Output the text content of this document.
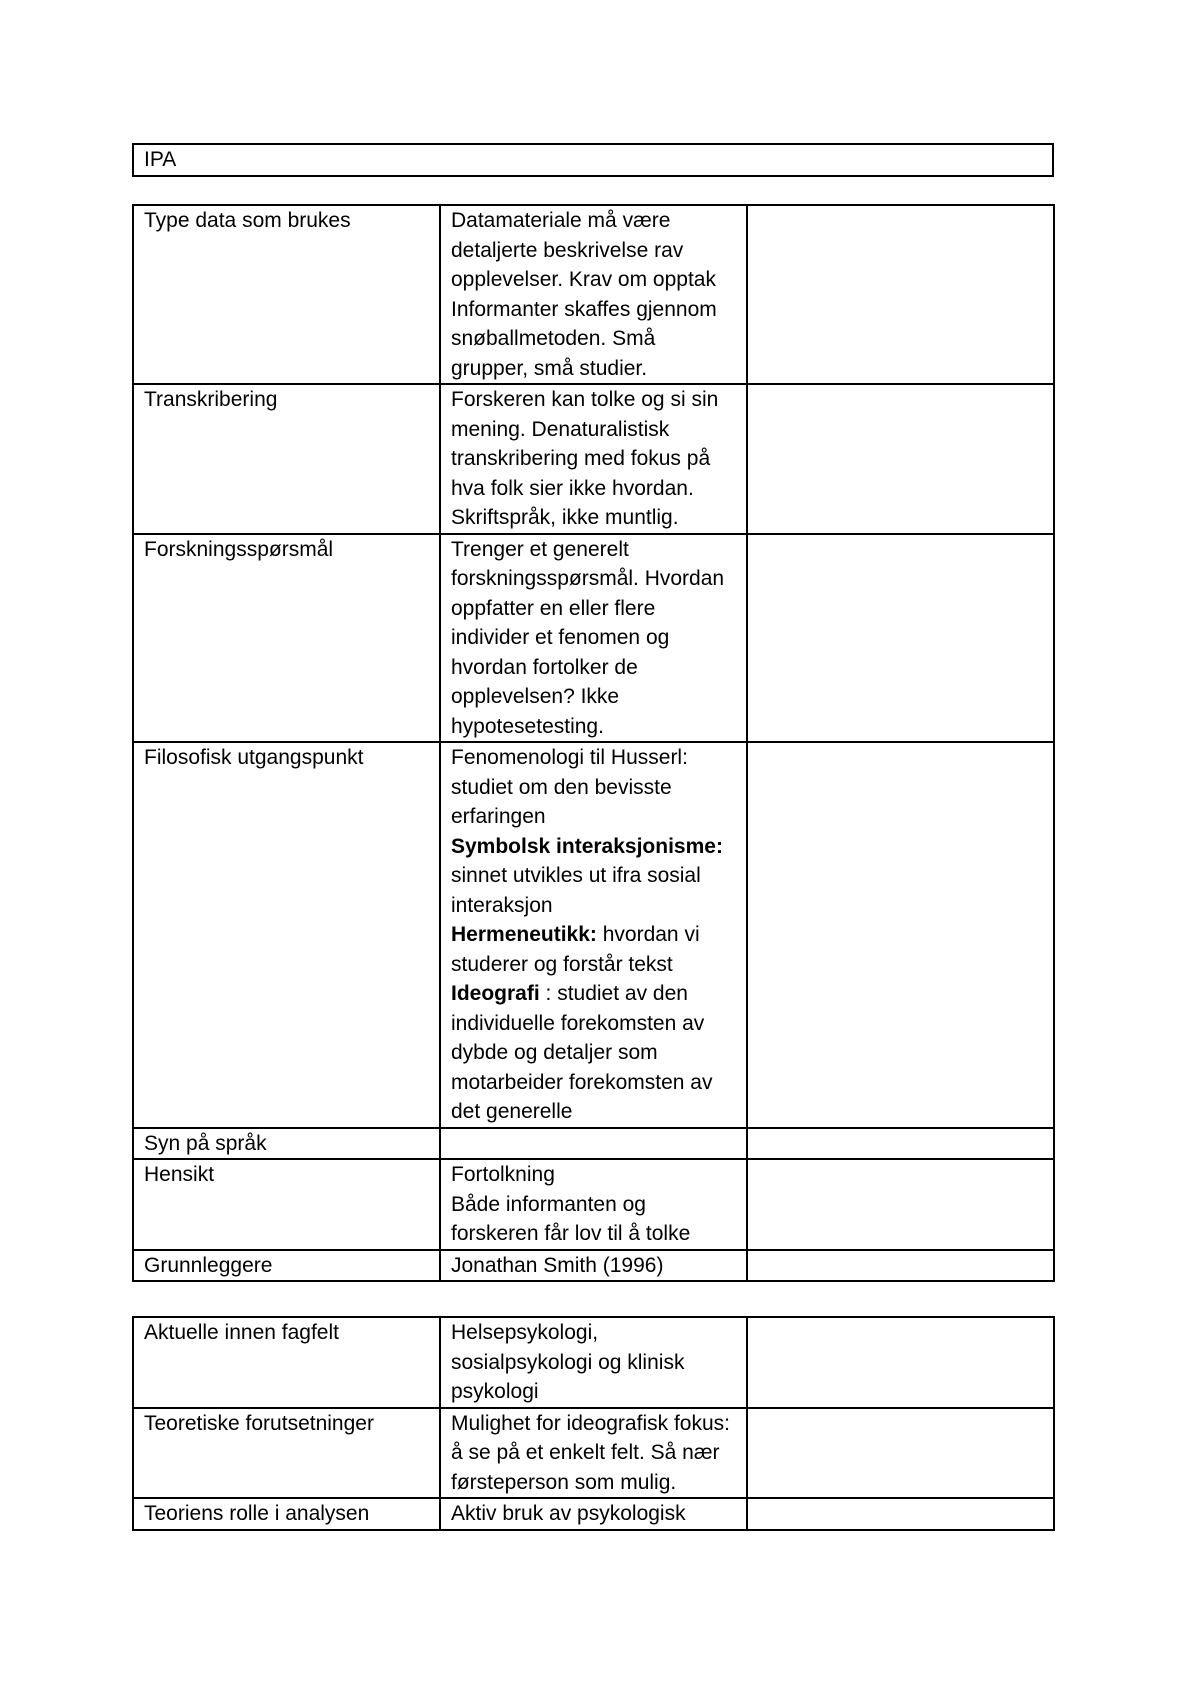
IPA
Type data som brukes	Datamateriale må være detaljerte beskrivelse rav opplevelser. Krav om opptak Informanter skaffes gjennom snøballmetoden. Små grupper, små studier.	

Transkribering	Forskeren kan tolke og si sin mening. Denaturalistisk transkribering med fokus på hva folk sier ikke hvordan. Skriftspråk, ikke muntlig.	

Forskningsspørsmål	Trenger et generelt forskningsspørsmål. Hvordan oppfatter en eller flere individer et fenomen og hvordan fortolker de opplevelsen? Ikke hypotesetesting.	

Filosofisk utgangspunkt	Fenomenologi til Husserl: studiet om den bevisste erfaringen
Symbolsk interaksjonisme: sinnet utvikles ut ifra sosial interaksjon
Hermeneutikk: hvordan vi studerer og forstår tekst
Ideografi : studiet av den individuelle forekomsten av dybde og detaljer som motarbeider forekomsten av det generelle	

Syn på språk		
Hensikt	Fortolkning
Både informanten og forskeren får lov til å tolke	

Grunnleggere	Jonathan Smith (1996)	

Aktuelle innen fagfelt	Helsepsykologi, sosialpsykologi og klinisk psykologi	

Teoretiske forutsetninger	Mulighet for ideografisk fokus: å se på et enkelt felt. Så nær førsteperson som mulig.	

Teoriens rolle i analysen	Aktiv bruk av psykologisk	
